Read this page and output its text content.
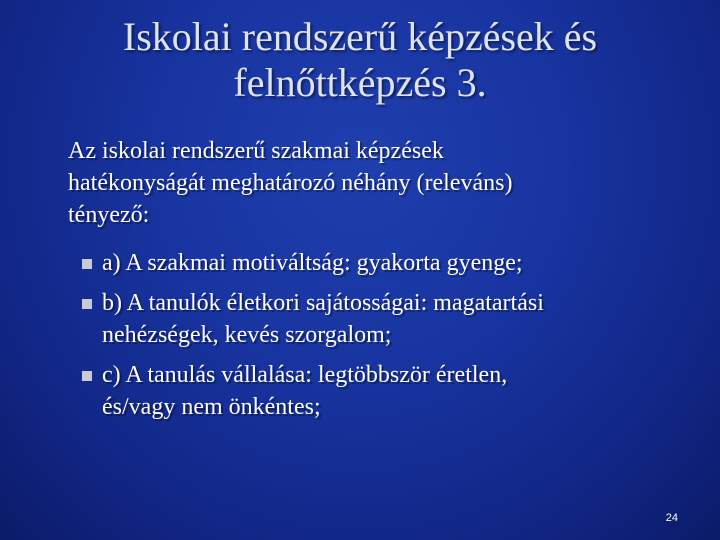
Iskolai rendszerű képzések és
felnőttképzés 3.
Az iskolai rendszerű szakmai képzések
hatékonyságát meghatározó néhány (releváns)
tényező:
a) A szakmai motiváltság: gyakorta gyenge;
b) A tanulók életkori sajátosságai: magatartási
nehézségek, kevés szorgalom;
c) A tanulás vállalása: legtöbbször éretlen,
és/vagy nem önkéntes;
24
